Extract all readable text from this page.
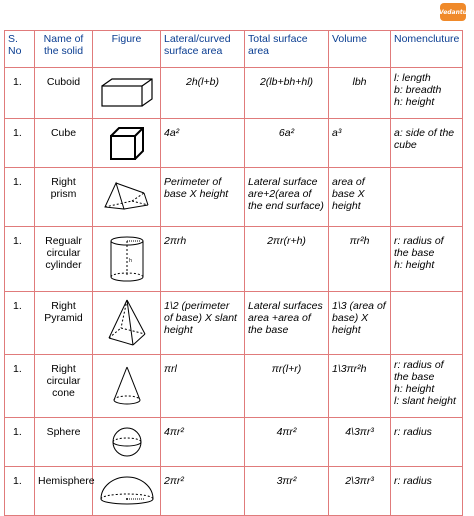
Vedantu
S. No	Name of the solid	Figure	Lateral/curved surface area	Total surface area	Volume	Nomencluture
1.	Cuboid		2h(l+b)	2(lb+bh+hl)	lbh	l: length
b: breadth
h: height
1.	Cube		4a²	6a²	a³	a: side of the cube
1.	Right prism		Perimeter of base X height	Lateral surface are+2(area of the end surface)	area of base X height	
1.	Regualr circular cylinder	h	2πrh	2πr(r+h)	πr²h	r: radius of the base
h: height
1.	Right Pyramid		1\2 (perimeter of base) X slant height	Lateral surfaces area +area of the base	1\3 (area of base) X height	
1.	Right circular cone		πrl	πr(l+r)	1\3πr²h	r: radius of the base
h: height
l: slant height
1.	Sphere		4πr²	4πr²	4\3πr³	r: radius
1.	Hemisphere		2πr²	3πr²	2\3πr³	r: radius
